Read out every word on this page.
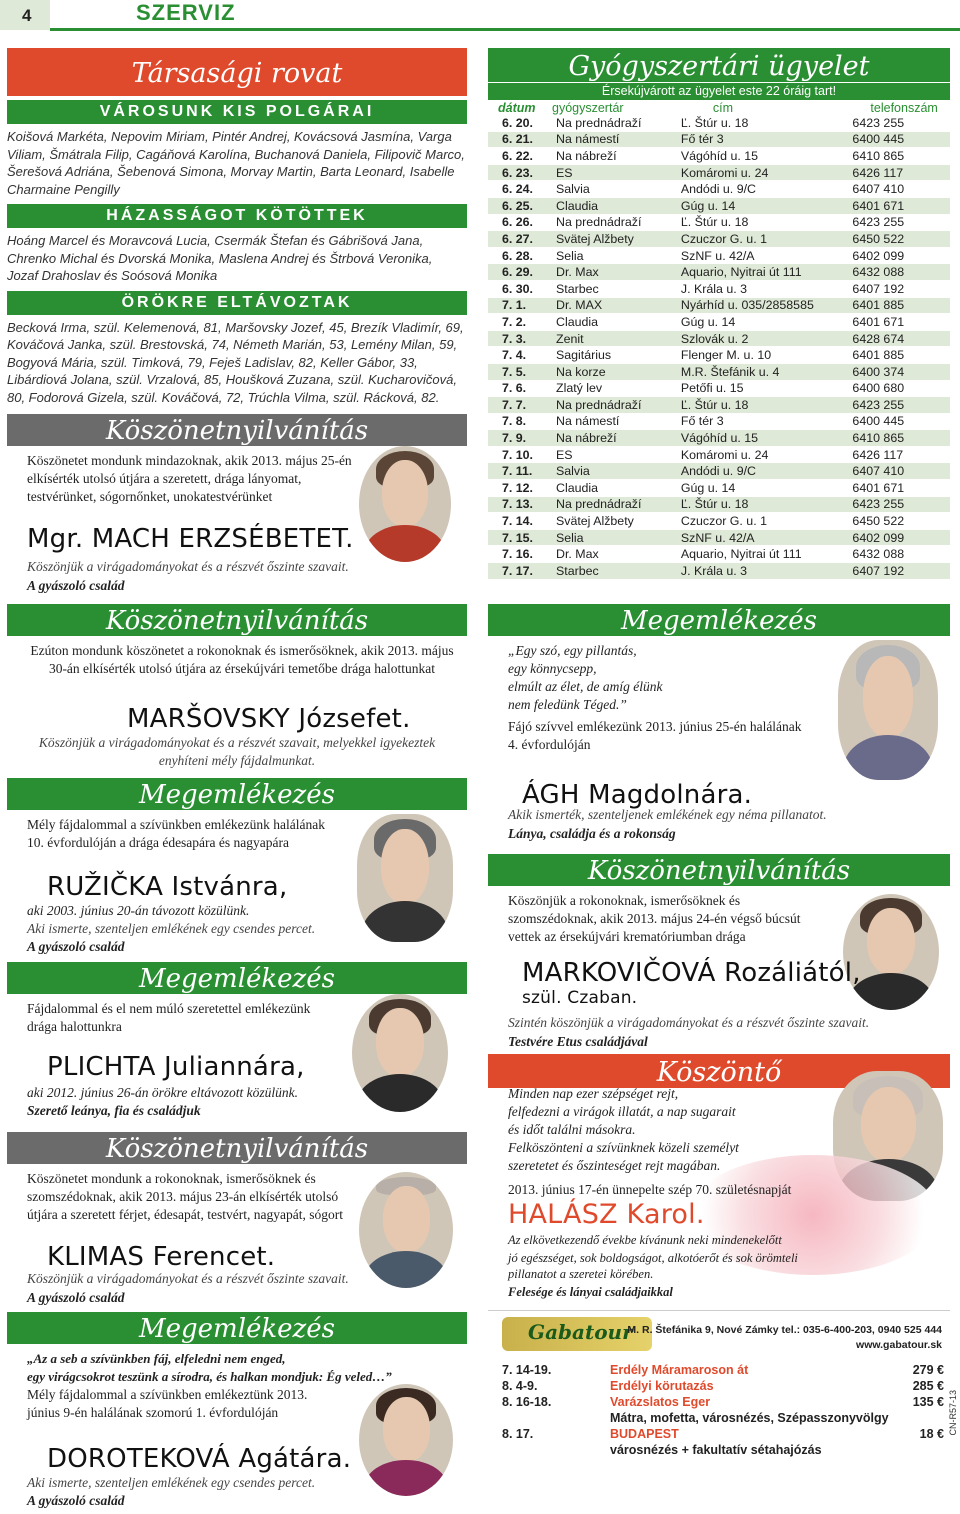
4	SZERVIZ
Társasági rovat
VÁROSUNK KIS POLGÁRAI

Koišová Markéta, Nepovim Miriam, Pintér Andrej, Kovácsová Jasmína, Varga Viliam, Šmátrala Filip, Cagáňová Karolína, Buchanová Daniela, Filipovič Marco, Šerešová Adriána, Šebenová Simona, Morvay Martin, Barta Leonard, Isabelle Charmaine Pengilly

HÁZASSÁGOT KÖTÖTTEK

Hoáng Marcel és Moravcová Lucia, Csermák Štefan és Gábrišová Jana, Chrenko Michal és Dvorská Monika, Maslena Andrej és Štrbová Veronika, Jozaf Drahoslav és Soósová Monika

ÖRÖKRE ELTÁVOZTAK

Becková Irma, szül. Kelemenová, 81, Maršovsky Jozef, 45, Brezík Vladimír, 69, Kováčová Janka, szül. Brestovská, 74, Németh Marián, 53, Lemény Milan, 59, Bogyová Mária, szül. Timková, 79, Feješ Ladislav, 82, Keller Gábor, 33, Libárdiová Jolana, szül. Vrzalová, 85, Houšková Zuzana, szül. Kucharovičová, 80, Fodorová Gizela, szül. Kováčová, 72, Trúchla Vilma, szül. Rácková, 82.

Köszönetnyilvánítás
Köszönetet mondunk mindazoknak, akik 2013. május 25-én elkísérték utolsó útjára a szeretett, drága lányomat, testvérünket, sógornőnket, unokatestvérünket
Mgr. MACH ERZSÉBETET.
Köszönjük a virágadományokat és a részvét őszinte szavait.
A gyászoló család
Köszönetnyilvánítás
Ezúton mondunk köszönetet a rokonoknak és ismerősöknek, akik 2013. május 30-án elkísérték utolsó útjára az érsekújvári temetőbe drága halottunkat
MARŠOVSKY Józsefet.
Köszönjük a virágadományokat és a részvét szavait, melyekkel igyekeztek enyhíteni mély fájdalmunkat.
Megemlékezés
Mély fájdalommal a szívünkben emlékezünk halálának 10. évfordulóján a drága édesapára és nagyapára
RUŽIČKA Istvánra,
aki 2003. június 20-án távozott közülünk.
Aki ismerte, szenteljen emlékének egy csendes percet.
A gyászoló család
Megemlékezés
Fájdalommal és el nem múló szeretettel emlékezünk drága halottunkra
PLICHTA Juliannára,
aki 2012. június 26-án örökre eltávozott közülünk.
Szerető leánya, fia és családjuk
Köszönetnyilvánítás
Köszönetet mondunk a rokonoknak, ismerősöknek és szomszédoknak, akik 2013. május 23-án elkísérték utolsó útjára a szeretett férjet, édesapát, testvért, nagyapát, sógort
KLIMAS Ferencet.
Köszönjük a virágadományokat és a részvét őszinte szavait.
A gyászoló család
Megemlékezés
„Az a seb a szívünkben fáj, elfeledni nem enged,
egy virágcsokrot teszünk a sírodra, és halkan mondjuk: Ég veled…”
Mély fájdalommal a szívünkben emlékeztünk 2013. június 9-én halálának szomorú 1. évfordulóján
DOROTEKOVÁ Agátára.
Aki ismerte, szenteljen emlékének egy csendes percet.
A gyászoló család
Gyógyszertári ügyelet
Érsekújvárott az ügyelet este 22 óráig tart!
dátum	gyógyszertár	cím	telefonszám
6. 20.	Na prednádraží	Ľ. Štúr u. 18	6423 255
6. 21.	Na námestí	Fő tér 3	6400 445
6. 22.	Na nábreží	Vágóhíd u. 15	6410 865
6. 23.	ES	Komáromi u. 24	6426 117
6. 24.	Salvia	Andódi u. 9/C	6407 410
6. 25.	Claudia	Gúg u. 14	6401 671
6. 26.	Na prednádraží	Ľ. Štúr u. 18	6423 255
6. 27.	Svätej Alžbety	Czuczor G. u. 1	6450 522
6. 28.	Selia	SzNF u. 42/A	6402 099
6. 29.	Dr. Max	Aquario, Nyitrai út 111	6432 088
6. 30.	Starbec	J. Krála u. 3	6407 192
7. 1.	Dr. MAX	Nyárhíd u. 035/2858585	6401 885
7. 2.	Claudia	Gúg u. 14	6401 671
7. 3.	Zenit	Szlovák u. 2	6428 674
7. 4.	Sagitárius	Flenger M. u. 10	6401 885
7. 5.	Na korze	M.R. Štefánik u. 4	6400 374
7. 6.	Zlatý lev	Petőfi u. 15	6400 680
7. 7.	Na prednádraží	Ľ. Štúr u. 18	6423 255
7. 8.	Na námestí	Fő tér 3	6400 445
7. 9.	Na nábreží	Vágóhíd u. 15	6410 865
7. 10.	ES	Komáromi u. 24	6426 117
7. 11.	Salvia	Andódi u. 9/C	6407 410
7. 12.	Claudia	Gúg u. 14	6401 671
7. 13.	Na prednádraží	Ľ. Štúr u. 18	6423 255
7. 14.	Svätej Alžbety	Czuczor G. u. 1	6450 522
7. 15.	Selia	SzNF u. 42/A	6402 099
7. 16.	Dr. Max	Aquario, Nyitrai út 111	6432 088
7. 17.	Starbec	J. Krála u. 3	6407 192
Megemlékezés
„Egy szó, egy pillantás,
egy könnycsepp,
elmúlt az élet, de amíg élünk
nem feledünk Téged.”
Fájó szívvel emlékezünk 2013. június 25-én halálának 4. évfordulóján
ÁGH Magdolnára.
Akik ismerték, szenteljenek emlékének egy néma pillanatot.
Lánya, családja és a rokonság
Köszönetnyilvánítás
Köszönjük a rokonoknak, ismerősöknek és szomszédoknak, akik 2013. május 24-én végső búcsút vettek az érsekújvári krematóriumban drága
MARKOVIČOVÁ Rozáliától,
szül. Czaban.
Szintén köszönjük a virágadományokat és a részvét őszinte szavait.
Testvére Etus családjával
Köszöntő
Minden nap ezer szépséget rejt,
felfedezni a virágok illatát, a nap sugarait
és időt találni másokra.
Felköszönteni a szívünknek közeli személyt
szeretetet és őszinteséget rejt magában.
2013. június 17-én ünnepelte szép 70. születésnapját
HALÁSZ Karol.
Az elkövetkezendő évekbe kívánunk neki mindenekelőtt
jó egészséget, sok boldogságot, alkotóerőt és sok örömteli
pillanatot a szeretei körében.
Felesége és lányai családjaikkal
Gabatour
M. R. Štefánika 9, Nové Zámky tel.: 035-6-400-203, 0940 525 444
www.gabatour.sk
7. 14-19.	Erdély Máramaroson át	279 €
8. 4-9.	Erdélyi körutazás	285 €
8. 16-18.	Varázslatos Eger	135 €
Mátra, mofetta, városnézés, Szépasszonyvölgy
8. 17.	BUDAPEST	18 €
városnézés + fakultatív sétahajózás
CN-R57-13
